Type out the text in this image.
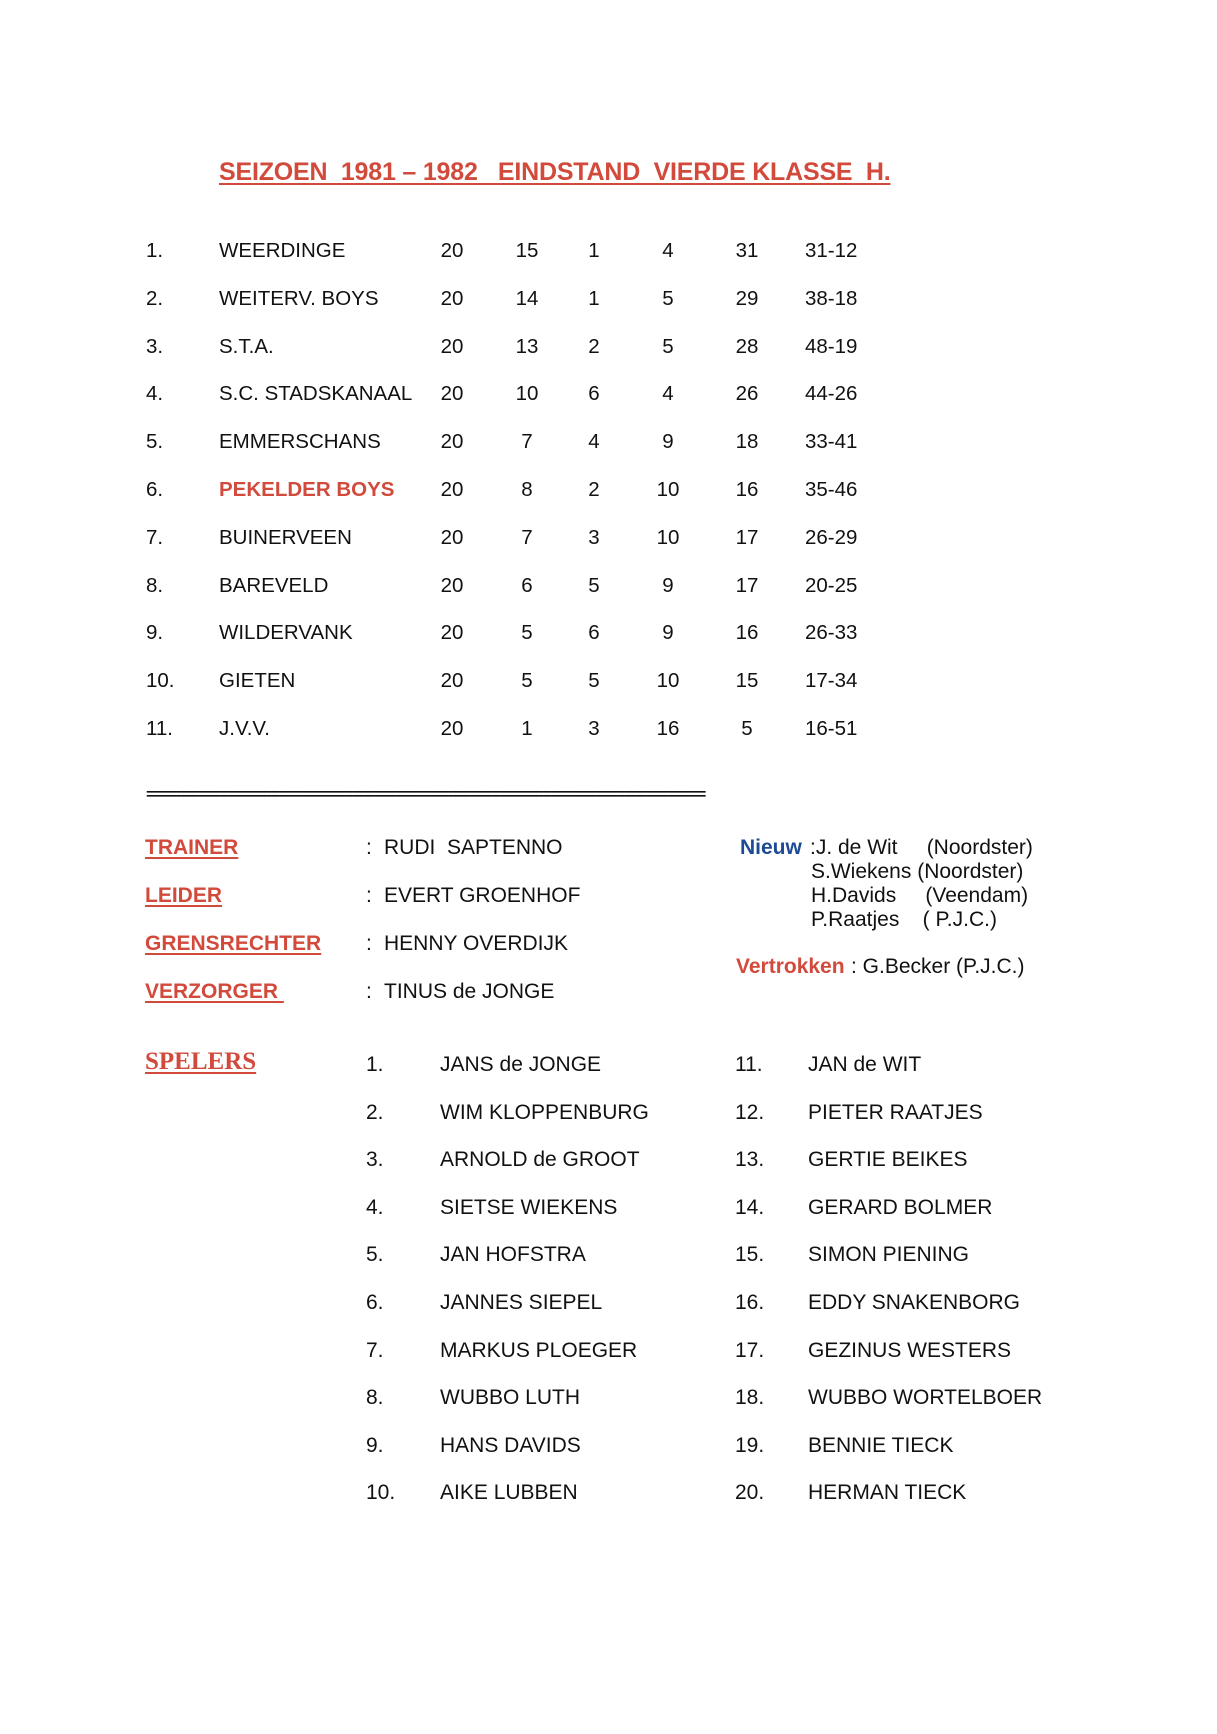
SEIZOEN  1981 – 1982   EINDSTAND  VIERDE KLASSE  H.
1.	WEERDINGE	20	15	1	4	31	31-12
2.	WEITERV. BOYS	20	14	1	5	29	38-18
3.	S.T.A.	20	13	2	5	28	48-19
4.	S.C. STADSKANAAL	20	10	6	4	26	44-26
5.	EMMERSCHANS	20	7	4	9	18	33-41
6.	PEKELDER BOYS	20	8	2	10	16	35-46
7.	BUINERVEEN	20	7	3	10	17	26-29
8.	BAREVELD	20	6	5	9	17	20-25
9.	WILDERVANK	20	5	6	9	16	26-33
10. GIETEN	20	5	5	10	15	17-34
11. J.V.V.	20	1	3	16	5	16-51
============================================================================
TRAINER	: RUDI  SAPTENNO
LEIDER	: EVERT GROENHOF
GRENSRECHTER : HENNY OVERDIJK
VERZORGER	: TINUS de JONGE
Nieuw :J. de Wit     (Noordster)
S.Wiekens (Noordster)
H.Davids     (Veendam)
P.Raatjes    ( P.J.C.)
Vertrokken : G.Becker (P.J.C.)
SPELERS	1.	JANS de JONGE
2.	WIM KLOPPENBURG
3.	ARNOLD de GROOT
4.	SIETSE WIEKENS
5.	JAN HOFSTRA
6.	JANNES SIEPEL
7.	MARKUS PLOEGER
8.	WUBBO LUTH
9.	HANS DAVIDS
10. AIKE LUBBEN
11. JAN de WIT
12. PIETER RAATJES
13. GERTIE BEIKES
14. GERARD BOLMER
15. SIMON PIENING
16. EDDY SNAKENBORG
17. GEZINUS WESTERS
18. WUBBO WORTELBOER
19. BENNIE TIECK
20. HERMAN TIECK
